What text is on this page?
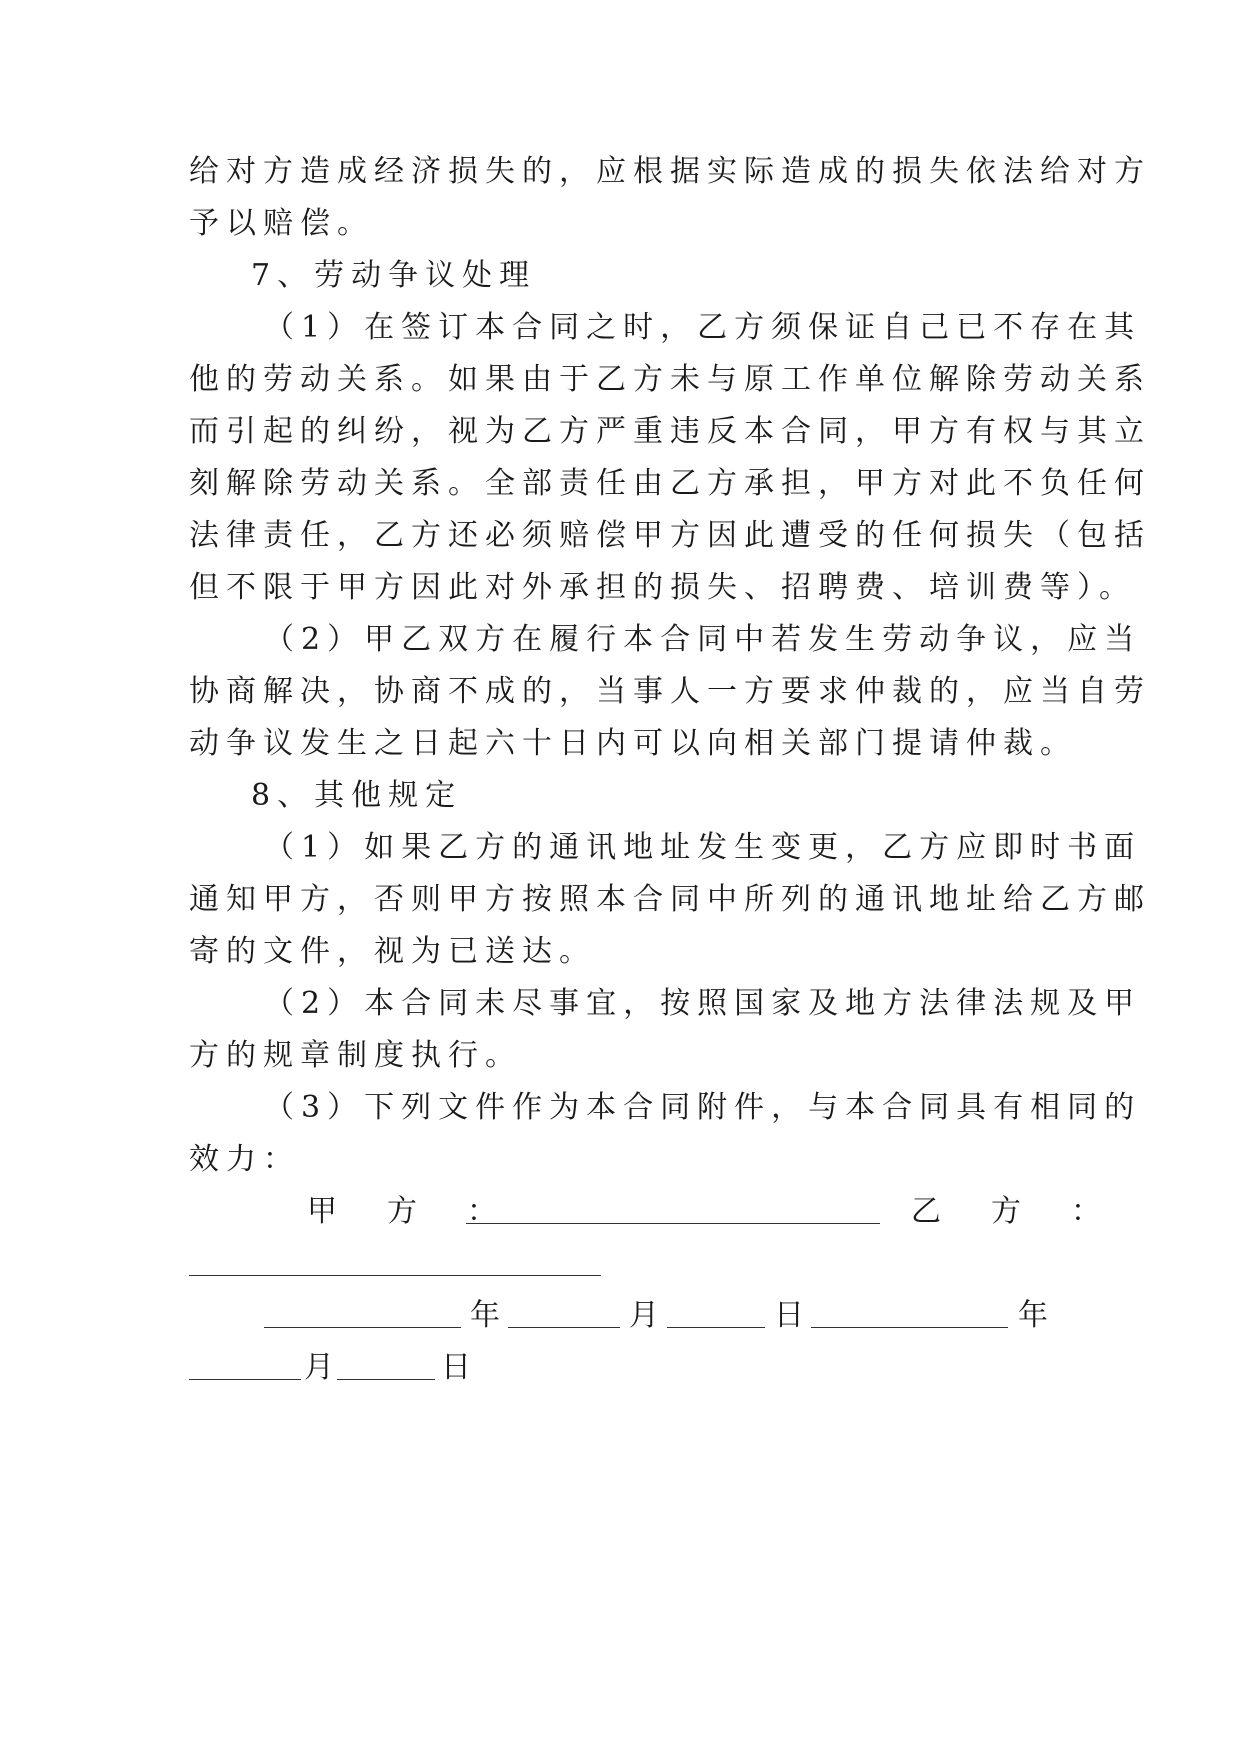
给对方造成经济损失的，应根据实际造成的损失依法给对方
予以赔偿。
7、劳动争议处理
（1）在签订本合同之时，乙方须保证自己已不存在其
他的劳动关系。如果由于乙方未与原工作单位解除劳动关系
而引起的纠纷，视为乙方严重违反本合同，甲方有权与其立
刻解除劳动关系。全部责任由乙方承担，甲方对此不负任何
法律责任，乙方还必须赔偿甲方因此遭受的任何损失（包括
但不限于甲方因此对外承担的损失、招聘费、培训费等）。
（2）甲乙双方在履行本合同中若发生劳动争议，应当
协商解决，协商不成的，当事人一方要求仲裁的，应当自劳
动争议发生之日起六十日内可以向相关部门提请仲裁。
8、其他规定
（1）如果乙方的通讯地址发生变更，乙方应即时书面
通知甲方，否则甲方按照本合同中所列的通讯地址给乙方邮
寄的文件，视为已送达。
（2）本合同未尽事宜，按照国家及地方法律法规及甲
方的规章制度执行。
（3）下列文件作为本合同附件，与本合同具有相同的
效力：
甲　方　：	乙　方　：
年	月	日	年
月	日
